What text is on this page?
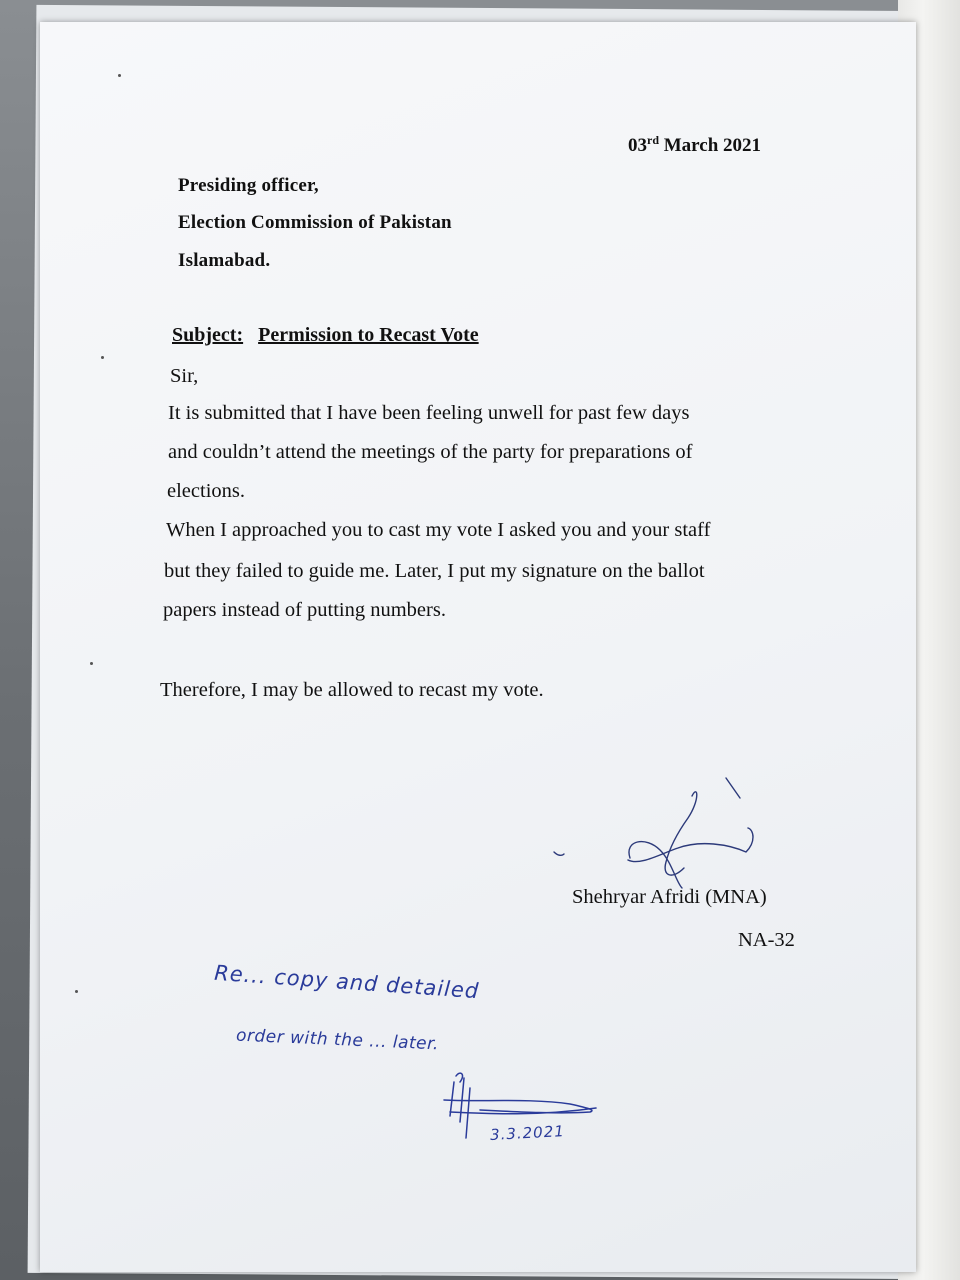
03rd March 2021
Presiding officer,
Election Commission of Pakistan
Islamabad.
Subject: Permission to Recast Vote
Sir,
It is submitted that I have been feeling unwell for past few days
and couldn’t attend the meetings of the party for preparations of
elections.
When I approached you to cast my vote I asked you and your staff
but they failed to guide me. Later, I put my signature on the ballot
papers instead of putting numbers.
Therefore, I may be allowed to recast my vote.
Shehryar Afridi (MNA)
NA-32
Re... copy and detailed
order with the ... later.
3.3.2021
